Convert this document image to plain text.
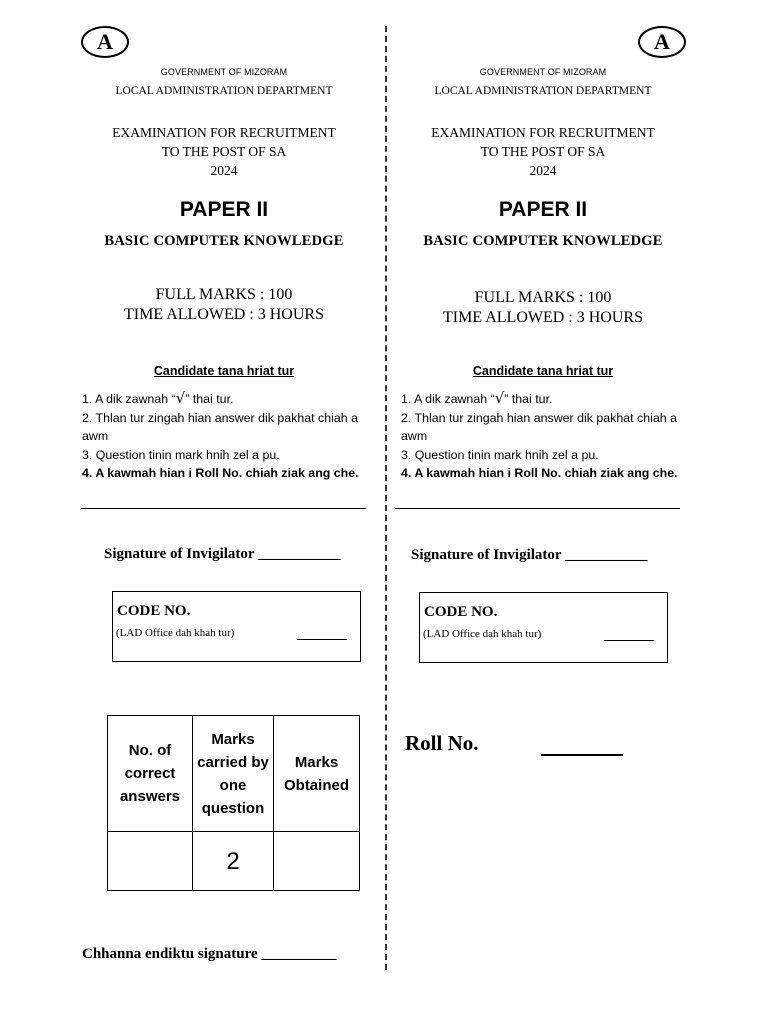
A
GOVERNMENT OF MIZORAM
LOCAL ADMINISTRATION DEPARTMENT
EXAMINATION FOR RECRUITMENT
TO THE POST OF SA
2024
PAPER II
BASIC COMPUTER KNOWLEDGE
FULL MARKS : 100
TIME ALLOWED : 3 HOURS
Candidate tana hriat tur

1. A dik zawnah “√” thai tur.

2. Thlan tur zingah hian answer dik pakhat chiah a awm

3. Question tinin mark hnih zel a pu.

4. A kawmah hian i Roll No. chiah ziak ang che.

Signature of Invigilator ___________
CODE NO.
(LAD Office dah khah tur)
No. of correct answers	Marks carried by one question	Marks Obtained
	2	
Chhanna endiktu signature __________
A
GOVERNMENT OF MIZORAM
LOCAL ADMINISTRATION DEPARTMENT
EXAMINATION FOR RECRUITMENT
TO THE POST OF SA
2024
PAPER II
BASIC COMPUTER KNOWLEDGE
FULL MARKS : 100
TIME ALLOWED : 3 HOURS
Candidate tana hriat tur

1. A dik zawnah “√” thai tur.

2. Thlan tur zingah hian answer dik pakhat chiah a awm

3. Question tinin mark hnih zel a pu.

4. A kawmah hian i Roll No. chiah ziak ang che.

Signature of Invigilator ___________
CODE NO.
(LAD Office dah khah tur)
Roll No.
